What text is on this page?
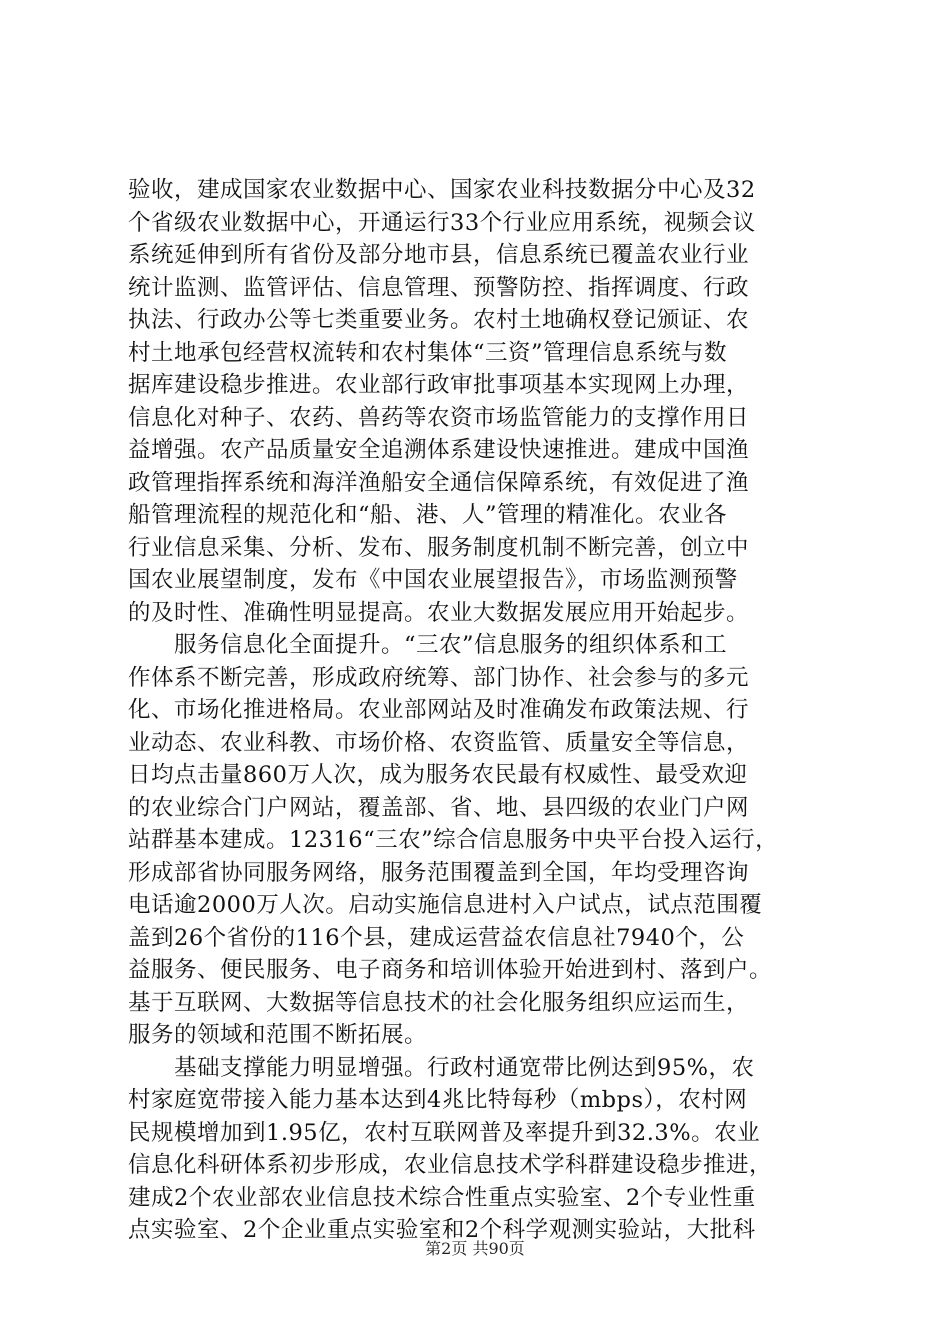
验收，建成国家农业数据中心、国家农业科技数据分中心及32
个省级农业数据中心，开通运行33个行业应用系统，视频会议
系统延伸到所有省份及部分地市县，信息系统已覆盖农业行业
统计监测、监管评估、信息管理、预警防控、指挥调度、行政
执法、行政办公等七类重要业务。农村土地确权登记颁证、农
村土地承包经营权流转和农村集体“三资”管理信息系统与数
据库建设稳步推进。农业部行政审批事项基本实现网上办理，
信息化对种子、农药、兽药等农资市场监管能力的支撑作用日
益增强。农产品质量安全追溯体系建设快速推进。建成中国渔
政管理指挥系统和海洋渔船安全通信保障系统，有效促进了渔
船管理流程的规范化和“船、港、人”管理的精准化。农业各
行业信息采集、分析、发布、服务制度机制不断完善，创立中
国农业展望制度，发布《中国农业展望报告》，市场监测预警
的及时性、准确性明显提高。农业大数据发展应用开始起步。
　　服务信息化全面提升。“三农”信息服务的组织体系和工
作体系不断完善，形成政府统筹、部门协作、社会参与的多元
化、市场化推进格局。农业部网站及时准确发布政策法规、行
业动态、农业科教、市场价格、农资监管、质量安全等信息，
日均点击量860万人次，成为服务农民最有权威性、最受欢迎
的农业综合门户网站，覆盖部、省、地、县四级的农业门户网
站群基本建成。12316“三农”综合信息服务中央平台投入运行，
形成部省协同服务网络，服务范围覆盖到全国，年均受理咨询
电话逾2000万人次。启动实施信息进村入户试点，试点范围覆
盖到26个省份的116个县，建成运营益农信息社7940个，公
益服务、便民服务、电子商务和培训体验开始进到村、落到户。
基于互联网、大数据等信息技术的社会化服务组织应运而生，
服务的领域和范围不断拓展。
　　基础支撑能力明显增强。行政村通宽带比例达到95%，农
村家庭宽带接入能力基本达到4兆比特每秒（mbps），农村网
民规模增加到1.95亿，农村互联网普及率提升到32.3%。农业
信息化科研体系初步形成，农业信息技术学科群建设稳步推进，
建成2个农业部农业信息技术综合性重点实验室、2个专业性重
点实验室、2个企业重点实验室和2个科学观测实验站，大批科
第2页 共90页
